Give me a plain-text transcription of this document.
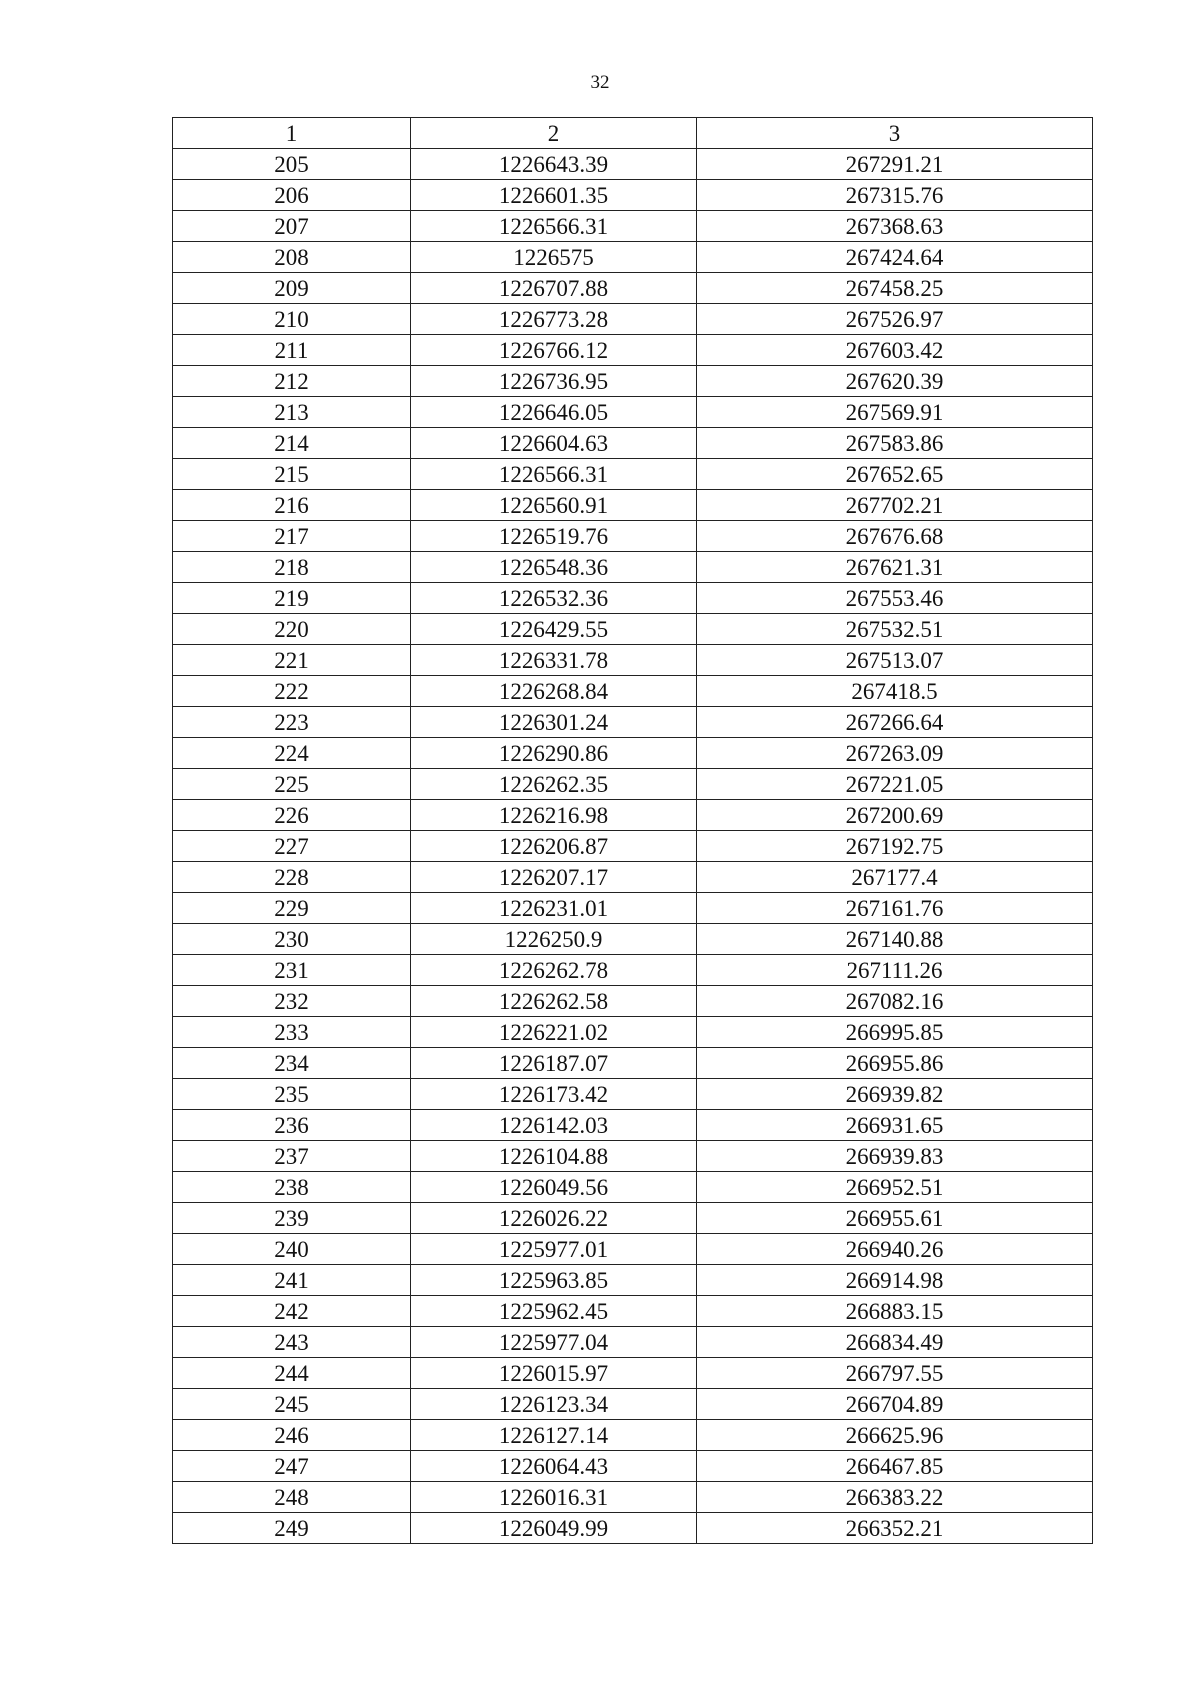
32
1	2	3
205	1226643.39	267291.21
206	1226601.35	267315.76
207	1226566.31	267368.63
208	1226575	267424.64
209	1226707.88	267458.25
210	1226773.28	267526.97
211	1226766.12	267603.42
212	1226736.95	267620.39
213	1226646.05	267569.91
214	1226604.63	267583.86
215	1226566.31	267652.65
216	1226560.91	267702.21
217	1226519.76	267676.68
218	1226548.36	267621.31
219	1226532.36	267553.46
220	1226429.55	267532.51
221	1226331.78	267513.07
222	1226268.84	267418.5
223	1226301.24	267266.64
224	1226290.86	267263.09
225	1226262.35	267221.05
226	1226216.98	267200.69
227	1226206.87	267192.75
228	1226207.17	267177.4
229	1226231.01	267161.76
230	1226250.9	267140.88
231	1226262.78	267111.26
232	1226262.58	267082.16
233	1226221.02	266995.85
234	1226187.07	266955.86
235	1226173.42	266939.82
236	1226142.03	266931.65
237	1226104.88	266939.83
238	1226049.56	266952.51
239	1226026.22	266955.61
240	1225977.01	266940.26
241	1225963.85	266914.98
242	1225962.45	266883.15
243	1225977.04	266834.49
244	1226015.97	266797.55
245	1226123.34	266704.89
246	1226127.14	266625.96
247	1226064.43	266467.85
248	1226016.31	266383.22
249	1226049.99	266352.21
